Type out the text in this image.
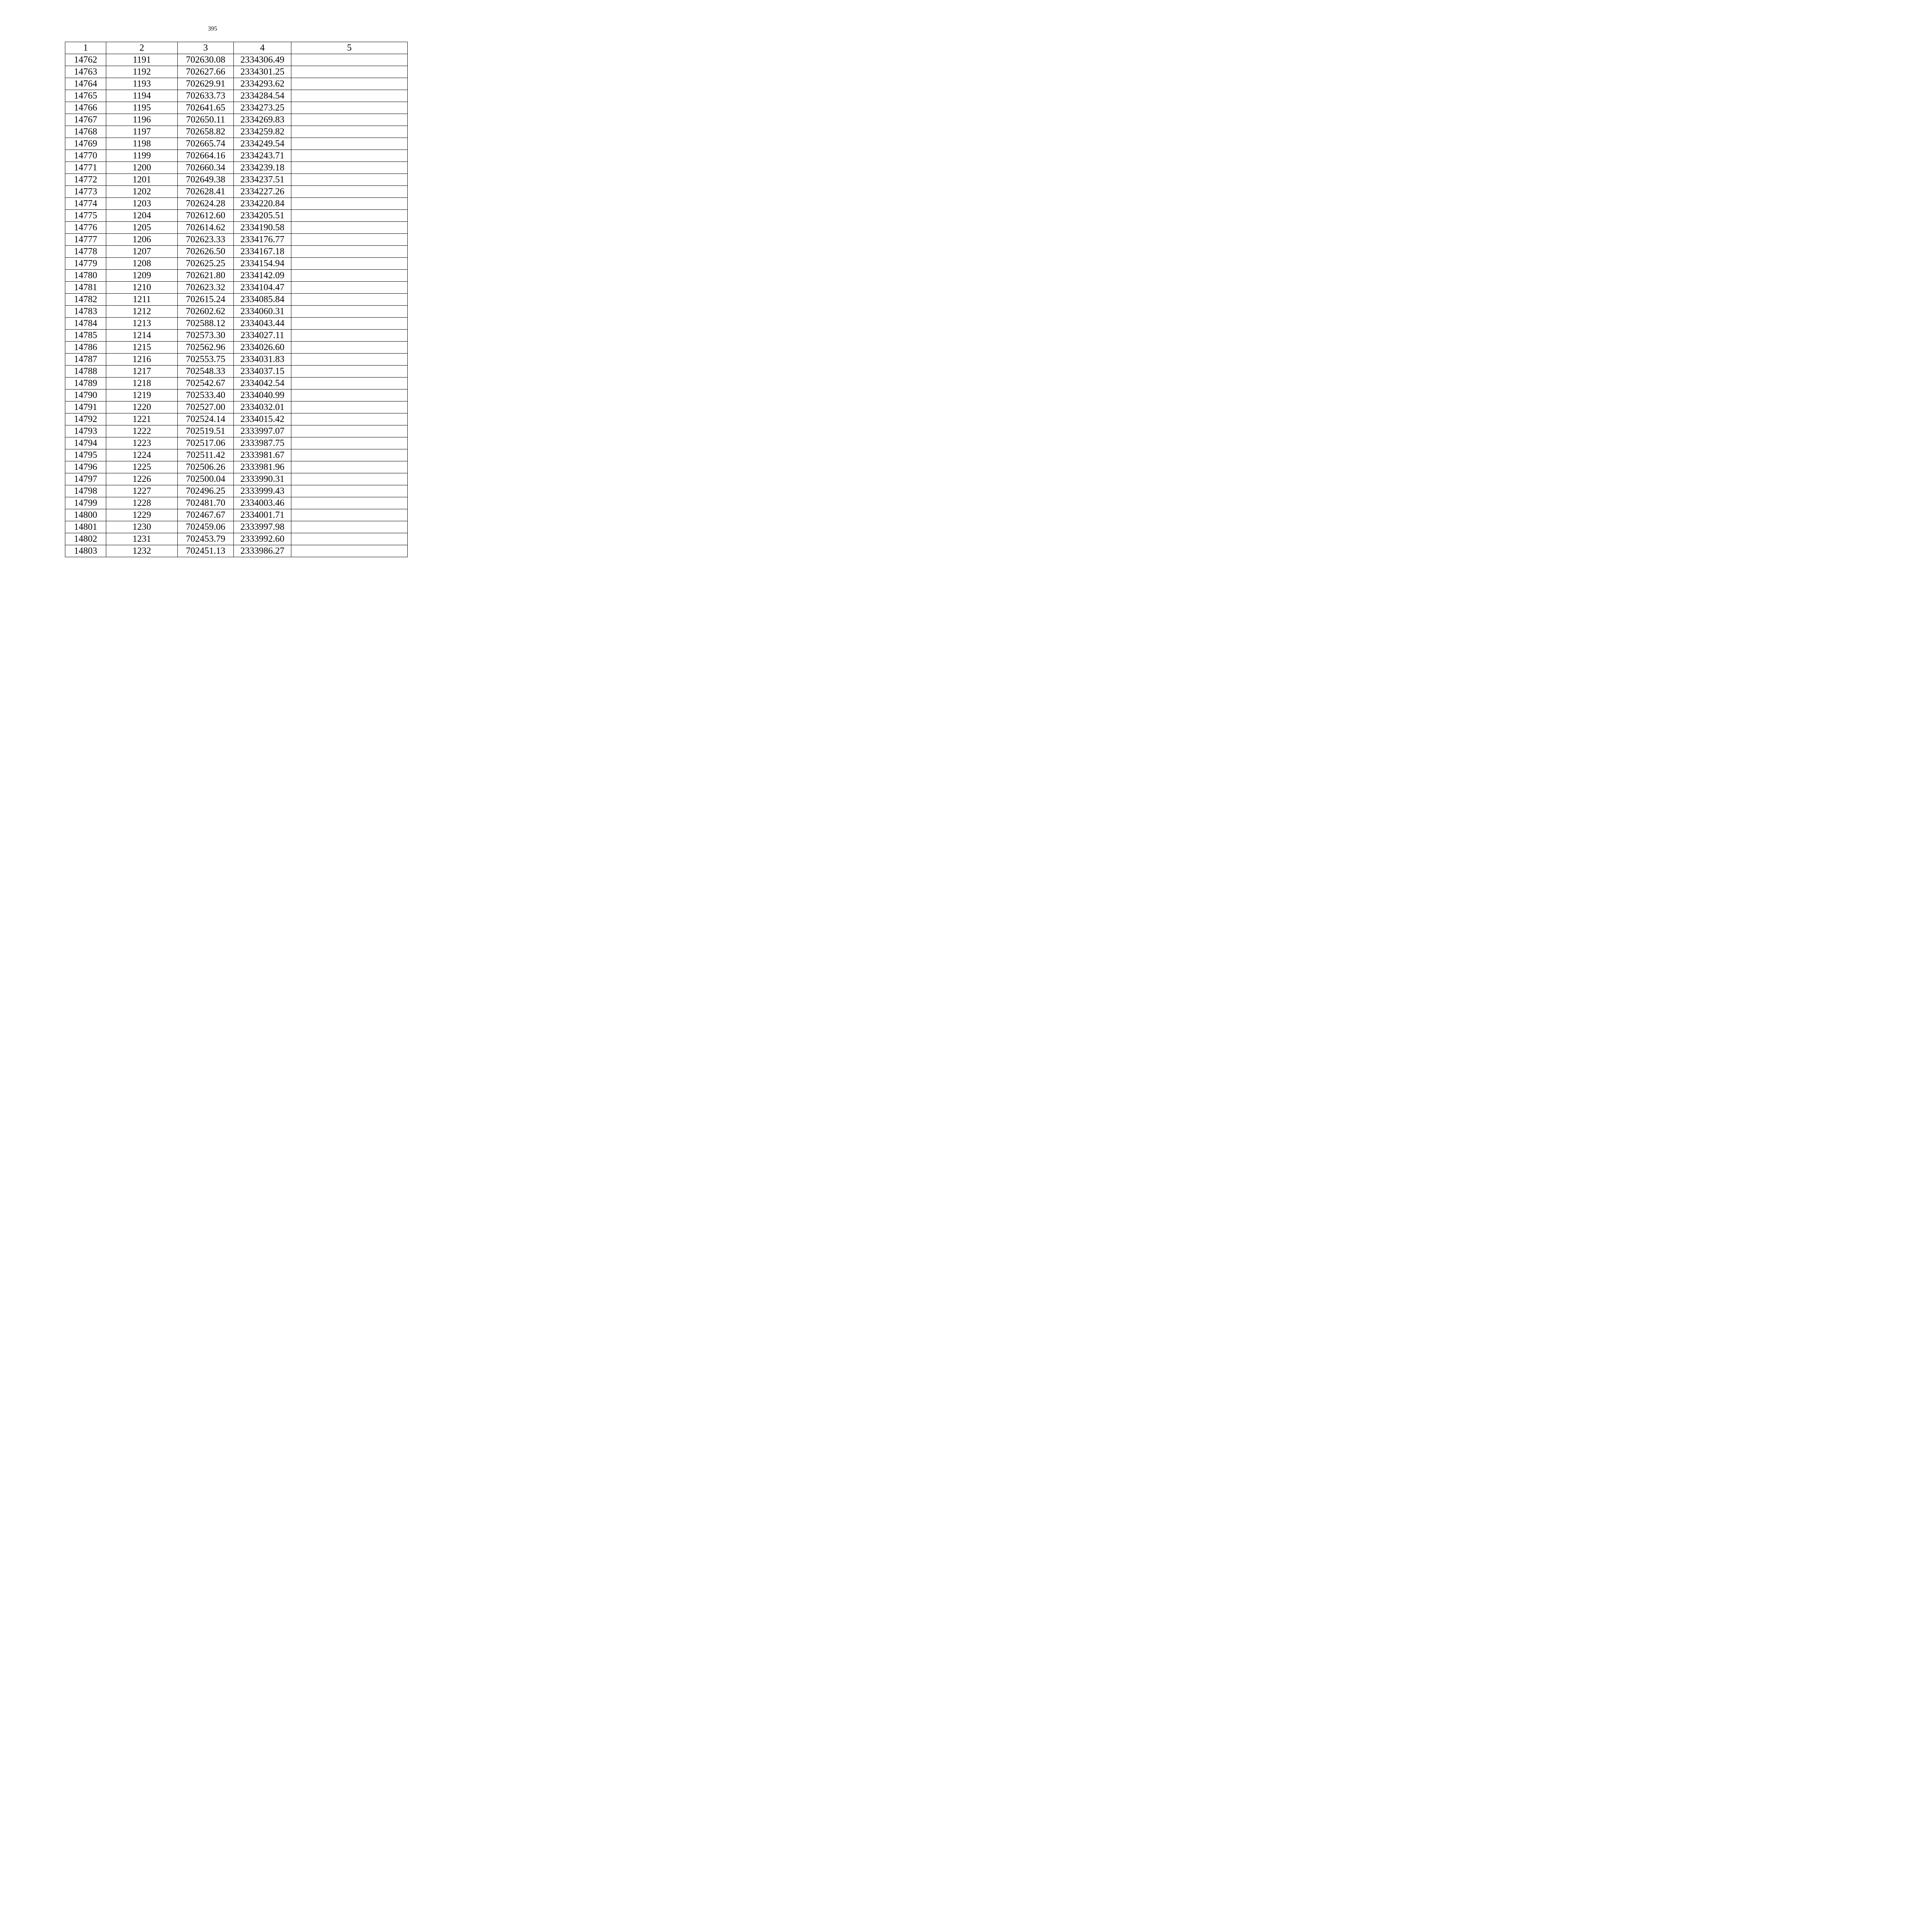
395
1	2	3	4	5
14762	1191	702630.08	2334306.49	
14763	1192	702627.66	2334301.25	
14764	1193	702629.91	2334293.62	
14765	1194	702633.73	2334284.54	
14766	1195	702641.65	2334273.25	
14767	1196	702650.11	2334269.83	
14768	1197	702658.82	2334259.82	
14769	1198	702665.74	2334249.54	
14770	1199	702664.16	2334243.71	
14771	1200	702660.34	2334239.18	
14772	1201	702649.38	2334237.51	
14773	1202	702628.41	2334227.26	
14774	1203	702624.28	2334220.84	
14775	1204	702612.60	2334205.51	
14776	1205	702614.62	2334190.58	
14777	1206	702623.33	2334176.77	
14778	1207	702626.50	2334167.18	
14779	1208	702625.25	2334154.94	
14780	1209	702621.80	2334142.09	
14781	1210	702623.32	2334104.47	
14782	1211	702615.24	2334085.84	
14783	1212	702602.62	2334060.31	
14784	1213	702588.12	2334043.44	
14785	1214	702573.30	2334027.11	
14786	1215	702562.96	2334026.60	
14787	1216	702553.75	2334031.83	
14788	1217	702548.33	2334037.15	
14789	1218	702542.67	2334042.54	
14790	1219	702533.40	2334040.99	
14791	1220	702527.00	2334032.01	
14792	1221	702524.14	2334015.42	
14793	1222	702519.51	2333997.07	
14794	1223	702517.06	2333987.75	
14795	1224	702511.42	2333981.67	
14796	1225	702506.26	2333981.96	
14797	1226	702500.04	2333990.31	
14798	1227	702496.25	2333999.43	
14799	1228	702481.70	2334003.46	
14800	1229	702467.67	2334001.71	
14801	1230	702459.06	2333997.98	
14802	1231	702453.79	2333992.60	
14803	1232	702451.13	2333986.27	
